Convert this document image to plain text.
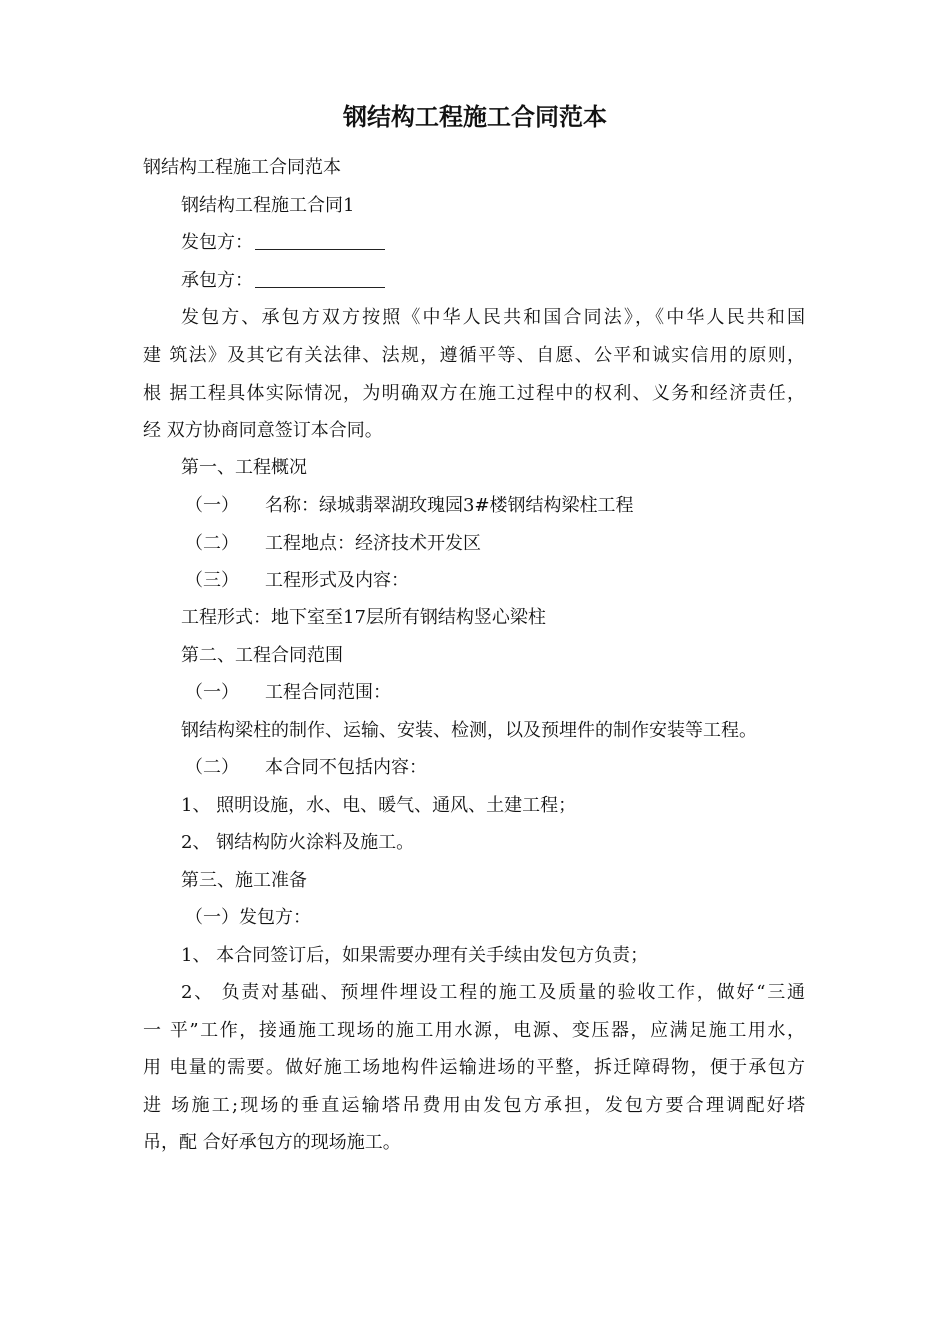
钢结构工程施工合同范本

钢结构工程施工合同范本

钢结构工程施工合同1

发包方：

承包方：

发包方、承包方双方按照《中华人民共和国合同法》，《中华人民共和国

建 筑法》及其它有关法律、法规，遵循平等、自愿、公平和诚实信用的原则，

根 据工程具体实际情况，为明确双方在施工过程中的权利、义务和经济责任，

经 双方协商同意签订本合同。

第一、工程概况

（一） 名称：绿城翡翠湖玫瑰园3#楼钢结构梁柱工程

（二） 工程地点：经济技术开发区

（三） 工程形式及内容：

工程形式：地下室至17层所有钢结构竖心梁柱

第二、工程合同范围

（一） 工程合同范围：

钢结构梁柱的制作、运输、安装、检测，以及预埋件的制作安装等工程。

（二） 本合同不包括内容：

1、 照明设施，水、电、暖气、通风、土建工程；

2、 钢结构防火涂料及施工。

第三、施工准备

（一）发包方：

1、 本合同签订后，如果需要办理有关手续由发包方负责；

2、 负责对基础、预埋件埋设工程的施工及质量的验收工作，做好“三通

一 平”工作，接通施工现场的施工用水源，电源、变压器，应满足施工用水，

用 电量的需要。做好施工场地构件运输进场的平整，拆迁障碍物，便于承包方

进 场施工;现场的垂直运输塔吊费用由发包方承担，发包方要合理调配好塔

吊，配 合好承包方的现场施工。
